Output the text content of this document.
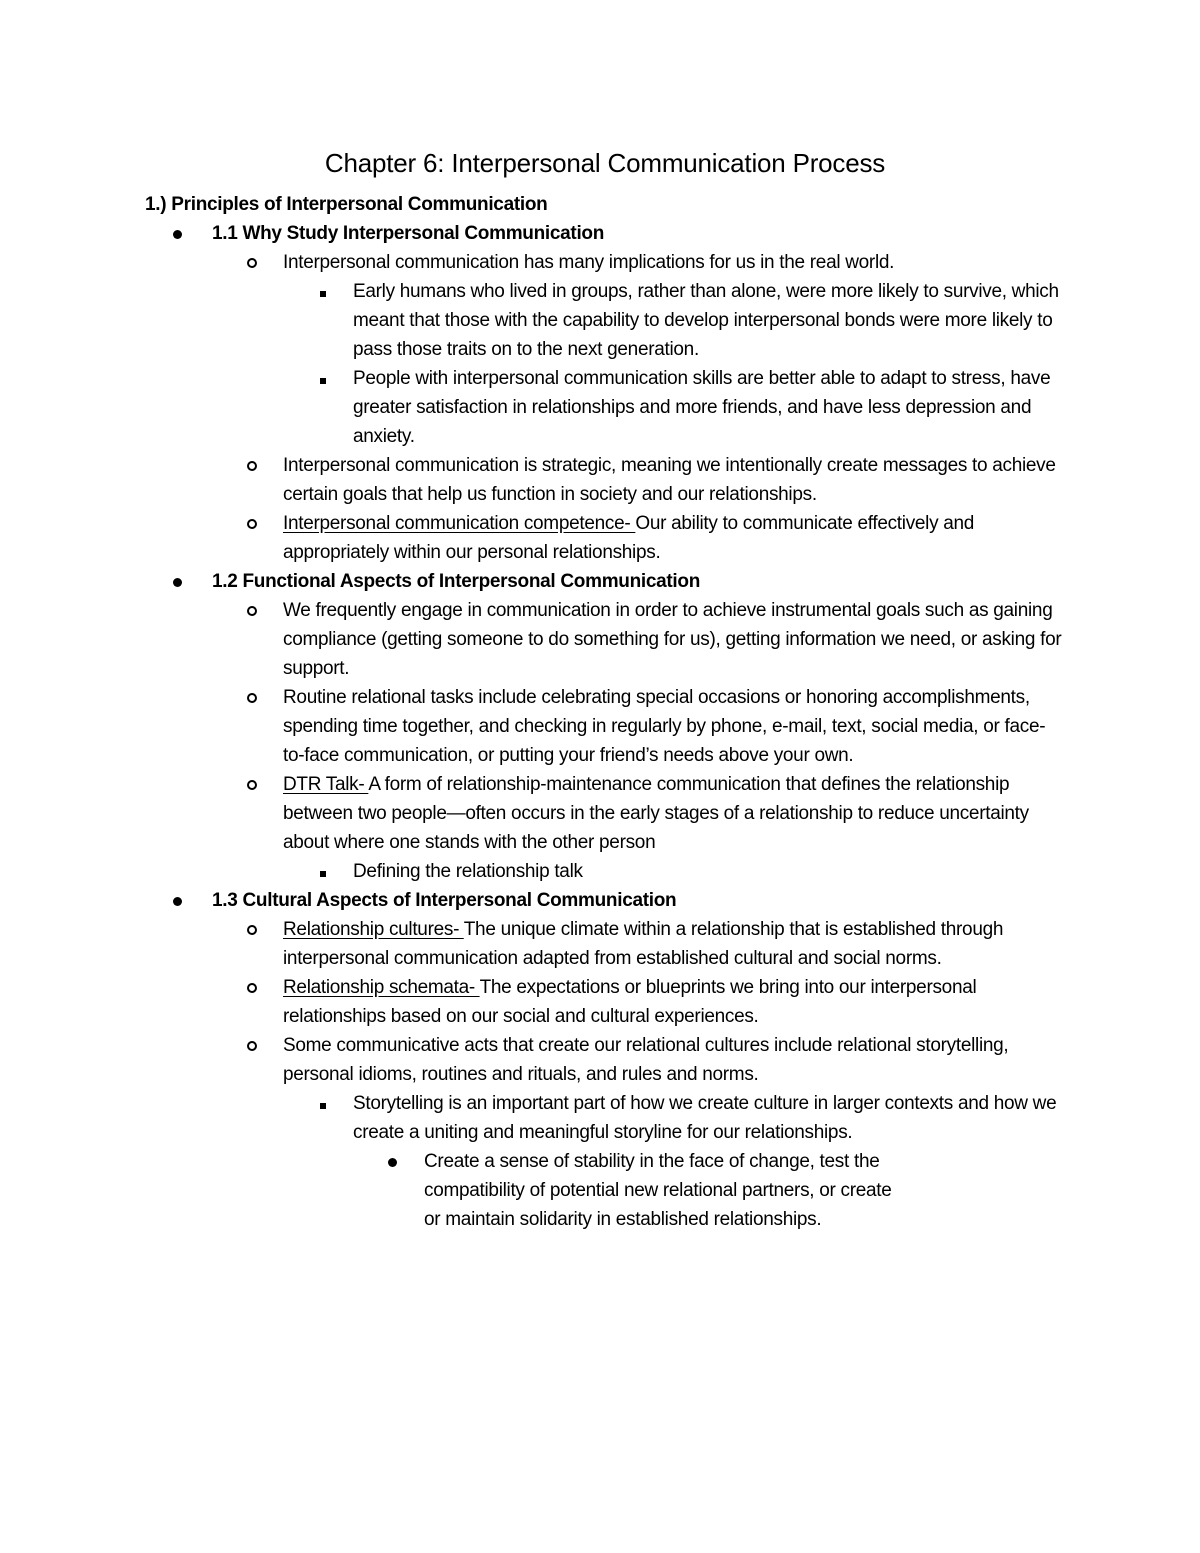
Chapter 6: Interpersonal Communication Process
1.) Principles of Interpersonal Communication
1.1 Why Study Interpersonal Communication
Interpersonal communication has many implications for us in the real world.
Early humans who lived in groups, rather than alone, were more likely to survive, which meant that those with the capability to develop interpersonal bonds were more likely to pass those traits on to the next generation.
People with interpersonal communication skills are better able to adapt to stress, have greater satisfaction in relationships and more friends, and have less depression and anxiety.
Interpersonal communication is strategic, meaning we intentionally create messages to achieve certain goals that help us function in society and our relationships.
Interpersonal communication competence- Our ability to communicate effectively and appropriately within our personal relationships.
1.2 Functional Aspects of Interpersonal Communication
We frequently engage in communication in order to achieve instrumental goals such as gaining compliance (getting someone to do something for us), getting information we need, or asking for support.
Routine relational tasks include celebrating special occasions or honoring accomplishments, spending time together, and checking in regularly by phone, e-mail, text, social media, or face- to-face communication, or putting your friend’s needs above your own.
DTR Talk- A form of relationship-maintenance communication that defines the relationship between two people—often occurs in the early stages of a relationship to reduce uncertainty about where one stands with the other person
Defining the relationship talk
1.3 Cultural Aspects of Interpersonal Communication
Relationship cultures- The unique climate within a relationship that is established through interpersonal communication adapted from established cultural and social norms.
Relationship schemata- The expectations or blueprints we bring into our interpersonal relationships based on our social and cultural experiences.
Some communicative acts that create our relational cultures include relational storytelling, personal idioms, routines and rituals, and rules and norms.
Storytelling is an important part of how we create culture in larger contexts and how we create a uniting and meaningful storyline for our relationships.
Create a sense of stability in the face of change, test the compatibility of potential new relational partners, or create or maintain solidarity in established relationships.
